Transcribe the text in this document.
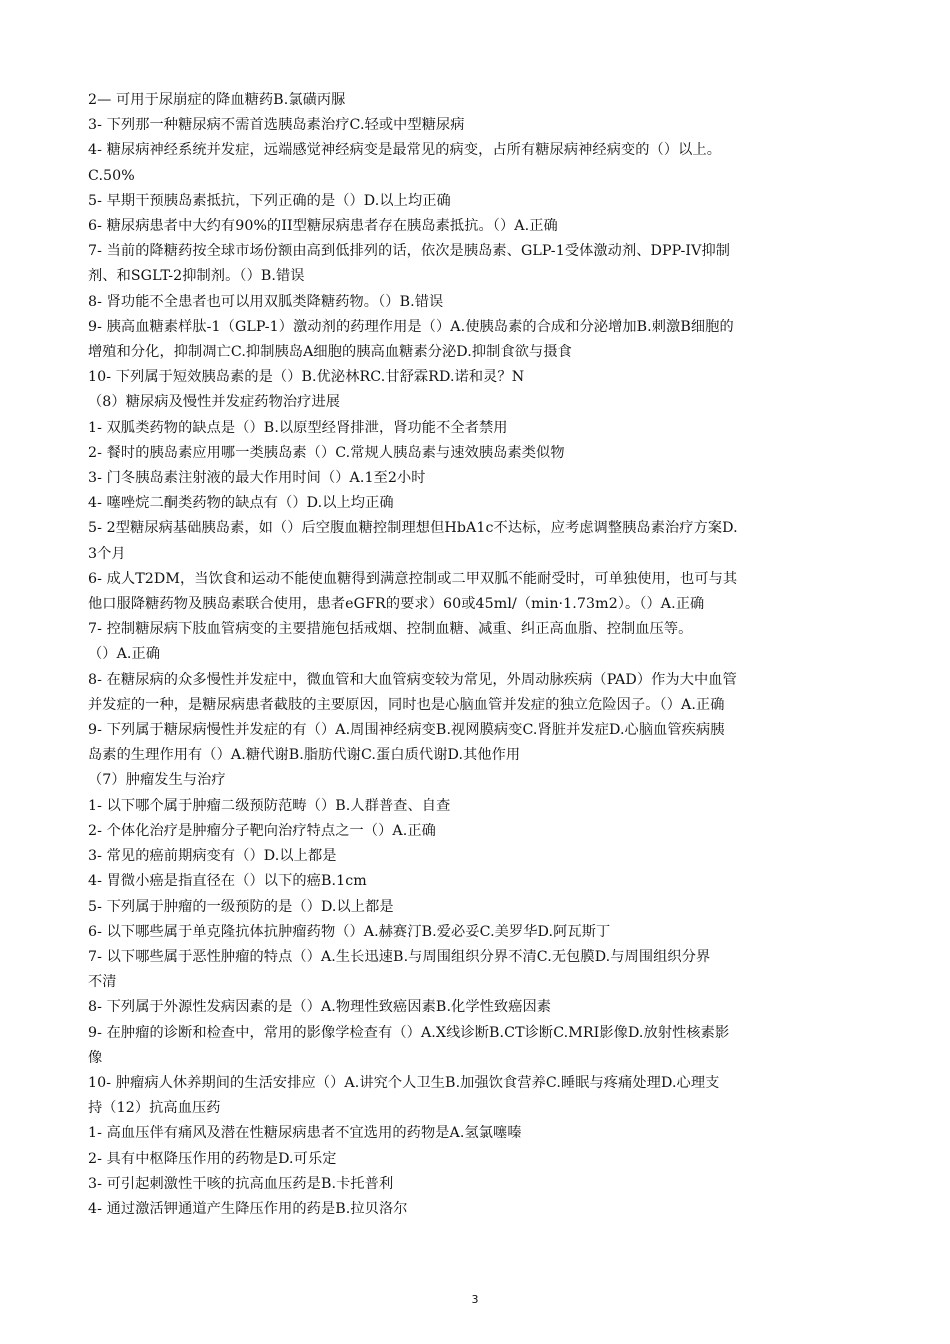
2— 可用于尿崩症的降血糖药B.氯磺丙脲
3- 下列那一种糖尿病不需首选胰岛素治疗C.轻或中型糖尿病
4- 糖尿病神经系统并发症，远端感觉神经病变是最常见的病变，占所有糖尿病神经病变的（）以上。
C.50%
5- 早期干预胰岛素抵抗，下列正确的是（）D.以上均正确
6- 糖尿病患者中大约有90%的II型糖尿病患者存在胰岛素抵抗。（）A.正确
7- 当前的降糖药按全球市场份额由高到低排列的话，依次是胰岛素、GLP-1受体激动剂、DPP-IV抑制
剂、和SGLT-2抑制剂。（）B.错误
8- 肾功能不全患者也可以用双胍类降糖药物。（）B.错误
9- 胰高血糖素样肽-1（GLP-1）激动剂的药理作用是（）A.使胰岛素的合成和分泌增加B.刺激B细胞的
增殖和分化，抑制凋亡C.抑制胰岛A细胞的胰高血糖素分泌D.抑制食欲与摄食
10- 下列属于短效胰岛素的是（）B.优泌林RC.甘舒霖RD.诺和灵？N
（8）糖尿病及慢性并发症药物治疗进展
1- 双胍类药物的缺点是（）B.以原型经肾排泄，肾功能不全者禁用
2- 餐时的胰岛素应用哪一类胰岛素（）C.常规人胰岛素与速效胰岛素类似物
3- 门冬胰岛素注射液的最大作用时间（）A.1至2小时
4- 噻唑烷二酮类药物的缺点有（）D.以上均正确
5- 2型糖尿病基础胰岛素，如（）后空腹血糖控制理想但HbA1c不达标，应考虑调整胰岛素治疗方案D.
3个月
6- 成人T2DM，当饮食和运动不能使血糖得到满意控制或二甲双胍不能耐受时，可单独使用，也可与其
他口服降糖药物及胰岛素联合使用，患者eGFR的要求）60或45ml/（min·1.73m2）。（）A.正确
7- 控制糖尿病下肢血管病变的主要措施包括戒烟、控制血糖、减重、纠正高血脂、控制血压等。
（）A.正确
8- 在糖尿病的众多慢性并发症中，微血管和大血管病变较为常见，外周动脉疾病（PAD）作为大中血管
并发症的一种，是糖尿病患者截肢的主要原因，同时也是心脑血管并发症的独立危险因子。（）A.正确
9- 下列属于糖尿病慢性并发症的有（）A.周围神经病变B.视网膜病变C.肾脏并发症D.心脑血管疾病胰
岛素的生理作用有（）A.糖代谢B.脂肪代谢C.蛋白质代谢D.其他作用
（7）肿瘤发生与治疗
1- 以下哪个属于肿瘤二级预防范畴（）B.人群普查、自查
2- 个体化治疗是肿瘤分子靶向治疗特点之一（）A.正确
3- 常见的癌前期病变有（）D.以上都是
4- 胃微小癌是指直径在（）以下的癌B.1cm
5- 下列属于肿瘤的一级预防的是（）D.以上都是
6- 以下哪些属于单克隆抗体抗肿瘤药物（）A.赫赛汀B.爱必妥C.美罗华D.阿瓦斯丁
7- 以下哪些属于恶性肿瘤的特点（）A.生长迅速B.与周围组织分界不清C.无包膜D.与周围组织分界
不清
8- 下列属于外源性发病因素的是（）A.物理性致癌因素B.化学性致癌因素
9- 在肿瘤的诊断和检查中，常用的影像学检查有（）A.X线诊断B.CT诊断C.MRI影像D.放射性核素影
像
10- 肿瘤病人休养期间的生活安排应（）A.讲究个人卫生B.加强饮食营养C.睡眠与疼痛处理D.心理支
持（12）抗高血压药
1- 高血压伴有痛风及潜在性糖尿病患者不宜选用的药物是A.氢氯噻嗪
2- 具有中枢降压作用的药物是D.可乐定
3- 可引起刺激性干咳的抗高血压药是B.卡托普利
4- 通过激活钾通道产生降压作用的药是B.拉贝洛尔
3
